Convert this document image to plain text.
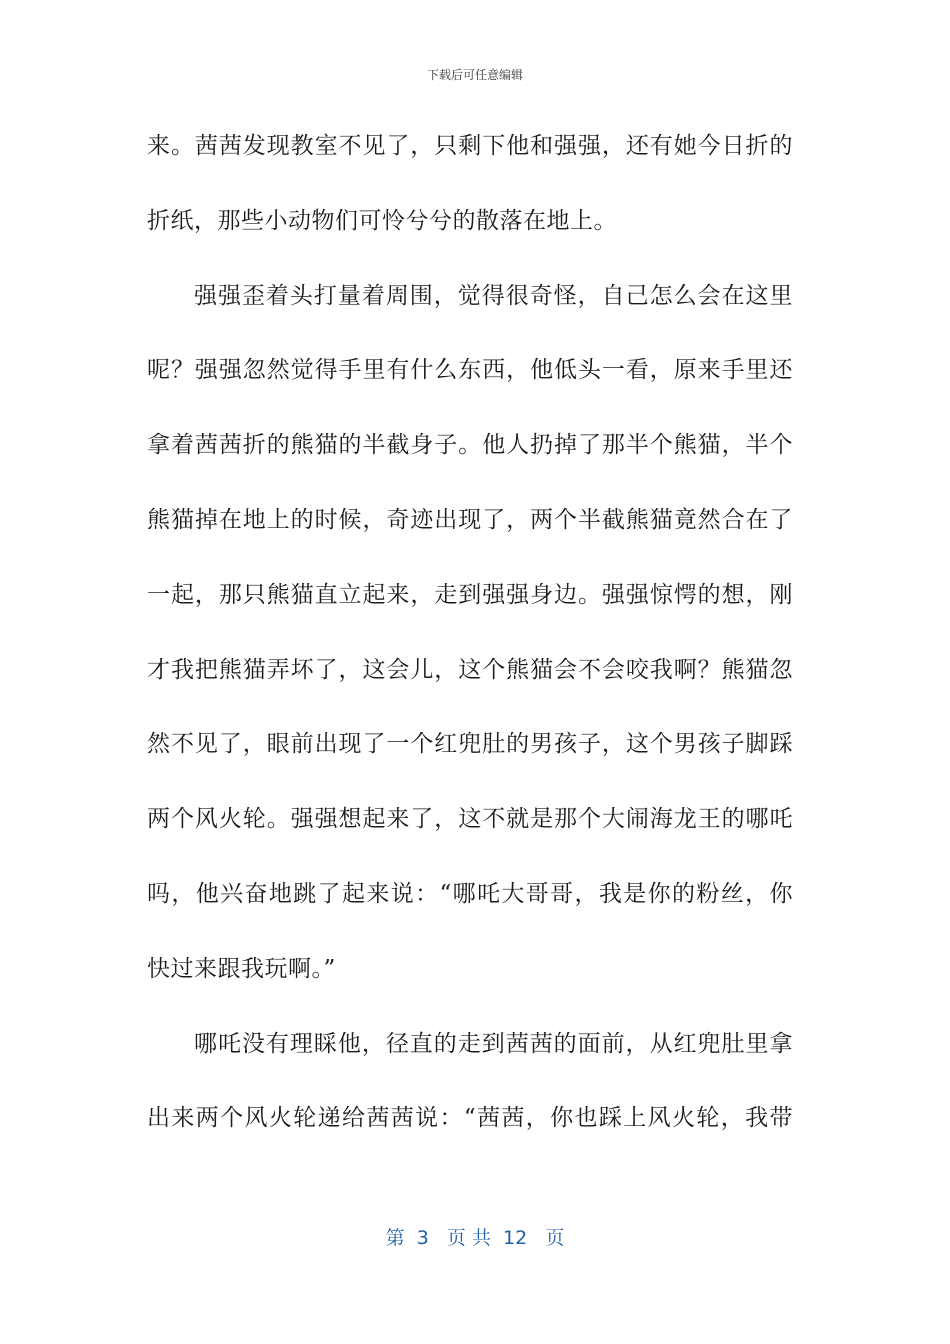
下载后可任意编辑
来。茜茜发现教室不见了，只剩下他和强强，还有她今日折的
折纸，那些小动物们可怜兮兮的散落在地上。
强强歪着头打量着周围，觉得很奇怪，自己怎么会在这里
呢？强强忽然觉得手里有什么东西，他低头一看，原来手里还
拿着茜茜折的熊猫的半截身子。他人扔掉了那半个熊猫，半个
熊猫掉在地上的时候，奇迹出现了，两个半截熊猫竟然合在了
一起，那只熊猫直立起来，走到强强身边。强强惊愕的想，刚
才我把熊猫弄坏了，这会儿，这个熊猫会不会咬我啊？熊猫忽
然不见了，眼前出现了一个红兜肚的男孩子，这个男孩子脚踩
两个风火轮。强强想起来了，这不就是那个大闹海龙王的哪吒
吗，他兴奋地跳了起来说：“哪吒大哥哥，我是你的粉丝，你
快过来跟我玩啊。”
哪吒没有理睬他，径直的走到茜茜的面前，从红兜肚里拿
出来两个风火轮递给茜茜说：“茜茜，你也踩上风火轮，我带
第  3   页 共  12   页
